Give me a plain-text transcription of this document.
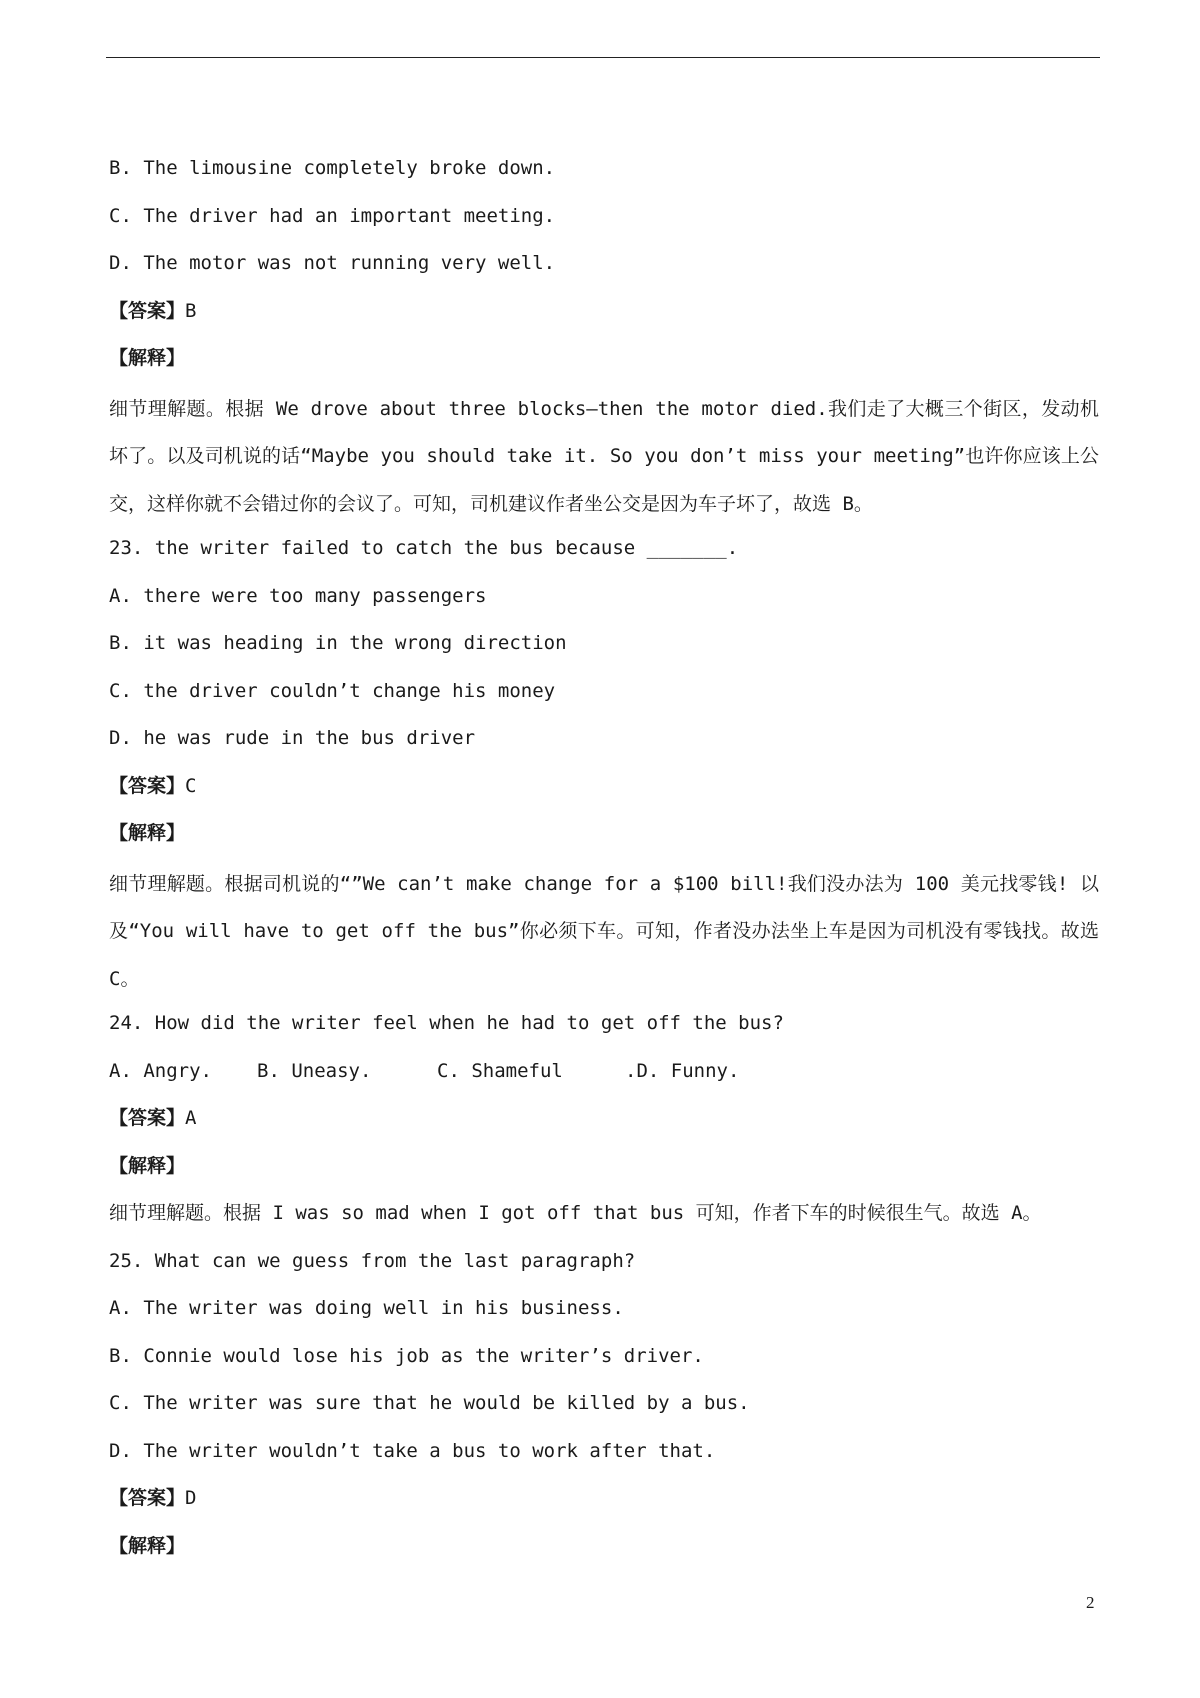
B. The limousine completely broke down.
C. The driver had an important meeting.
D. The motor was not running very well.
【答案】B
【解释】
细节理解题。根据 We drove about three blocks—then the motor died.我们走了大概三个街区，发动机坏了。以及司机说的话“Maybe you should take it. So you don’t miss your meeting”也许你应该上公交，这样你就不会错过你的会议了。可知，司机建议作者坐公交是因为车子坏了，故选 B。
23. the writer failed to catch the bus because _______.
A. there were too many passengers
B. it was heading in the wrong direction
C. the driver couldn’t change his money
D. he was rude in the bus driver
【答案】C
【解释】
细节理解题。根据司机说的“”We can’t make change for a $100 bill!我们没办法为 100 美元找零钱! 以及“You will have to get off the bus”你必须下车。可知，作者没办法坐上车是因为司机没有零钱找。故选 C。
24. How did the writer feel when he had to get off the bus?
A. Angry. B. Uneasy.	C. Shameful	.D. Funny.
【答案】A
【解释】
细节理解题。根据 I was so mad when I got off that bus 可知，作者下车的时候很生气。故选 A。
25. What can we guess from the last paragraph?
A. The writer was doing well in his business.
B. Connie would lose his job as the writer’s driver.
C. The writer was sure that he would be killed by a bus.
D. The writer wouldn’t take a bus to work after that.
【答案】D
【解释】
2
